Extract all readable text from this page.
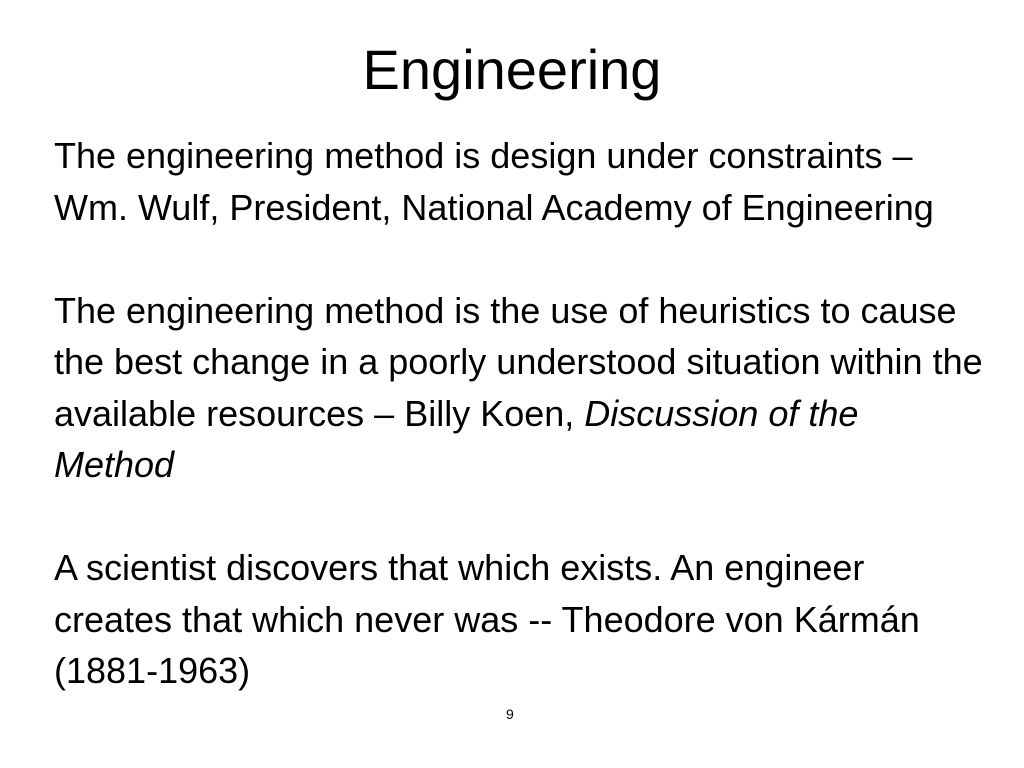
Engineering

The engineering method is design under constraints – Wm. Wulf, President, National Academy of Engineering

The engineering method is the use of heuristics to cause the best change in a poorly understood situation within the available resources – Billy Koen, Discussion of the Method

A scientist discovers that which exists. An engineer creates that which never was -- Theodore von Kármán (1881-1963)

9
